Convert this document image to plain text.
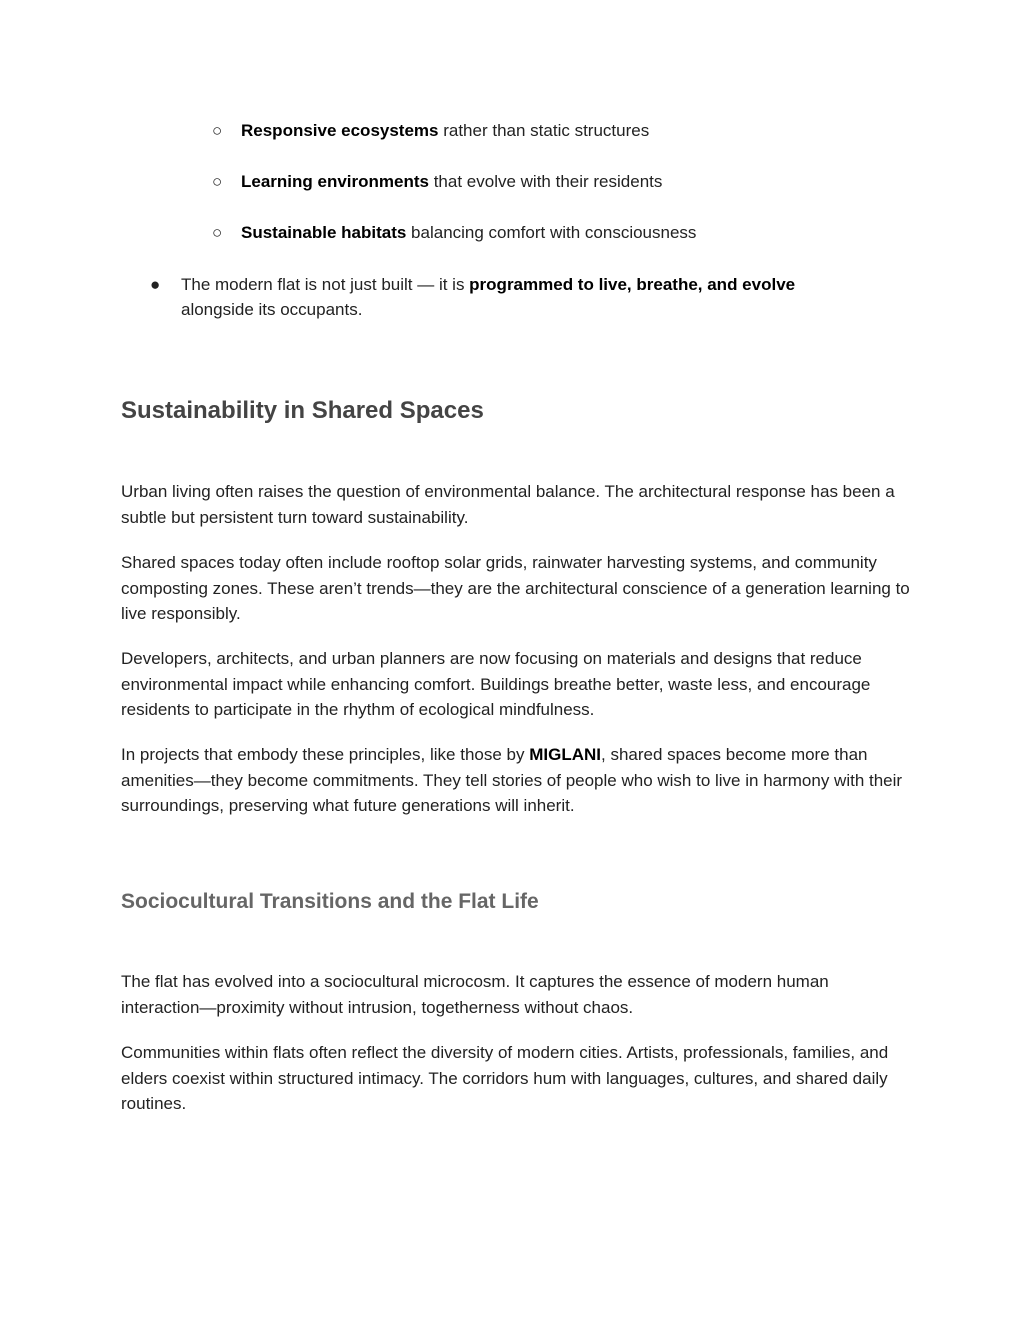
○ Responsive ecosystems rather than static structures
○ Learning environments that evolve with their residents
○ Sustainable habitats balancing comfort with consciousness
● The modern flat is not just built — it is programmed to live, breathe, and evolve alongside its occupants.
Sustainability in Shared Spaces

Urban living often raises the question of environmental balance. The architectural response has been a subtle but persistent turn toward sustainability.

Shared spaces today often include rooftop solar grids, rainwater harvesting systems, and community composting zones. These aren’t trends—they are the architectural conscience of a generation learning to live responsibly.

Developers, architects, and urban planners are now focusing on materials and designs that reduce environmental impact while enhancing comfort. Buildings breathe better, waste less, and encourage residents to participate in the rhythm of ecological mindfulness.

In projects that embody these principles, like those by MIGLANI, shared spaces become more than amenities—they become commitments. They tell stories of people who wish to live in harmony with their surroundings, preserving what future generations will inherit.

Sociocultural Transitions and the Flat Life

The flat has evolved into a sociocultural microcosm. It captures the essence of modern human interaction—proximity without intrusion, togetherness without chaos.

Communities within flats often reflect the diversity of modern cities. Artists, professionals, families, and elders coexist within structured intimacy. The corridors hum with languages, cultures, and shared daily routines.
